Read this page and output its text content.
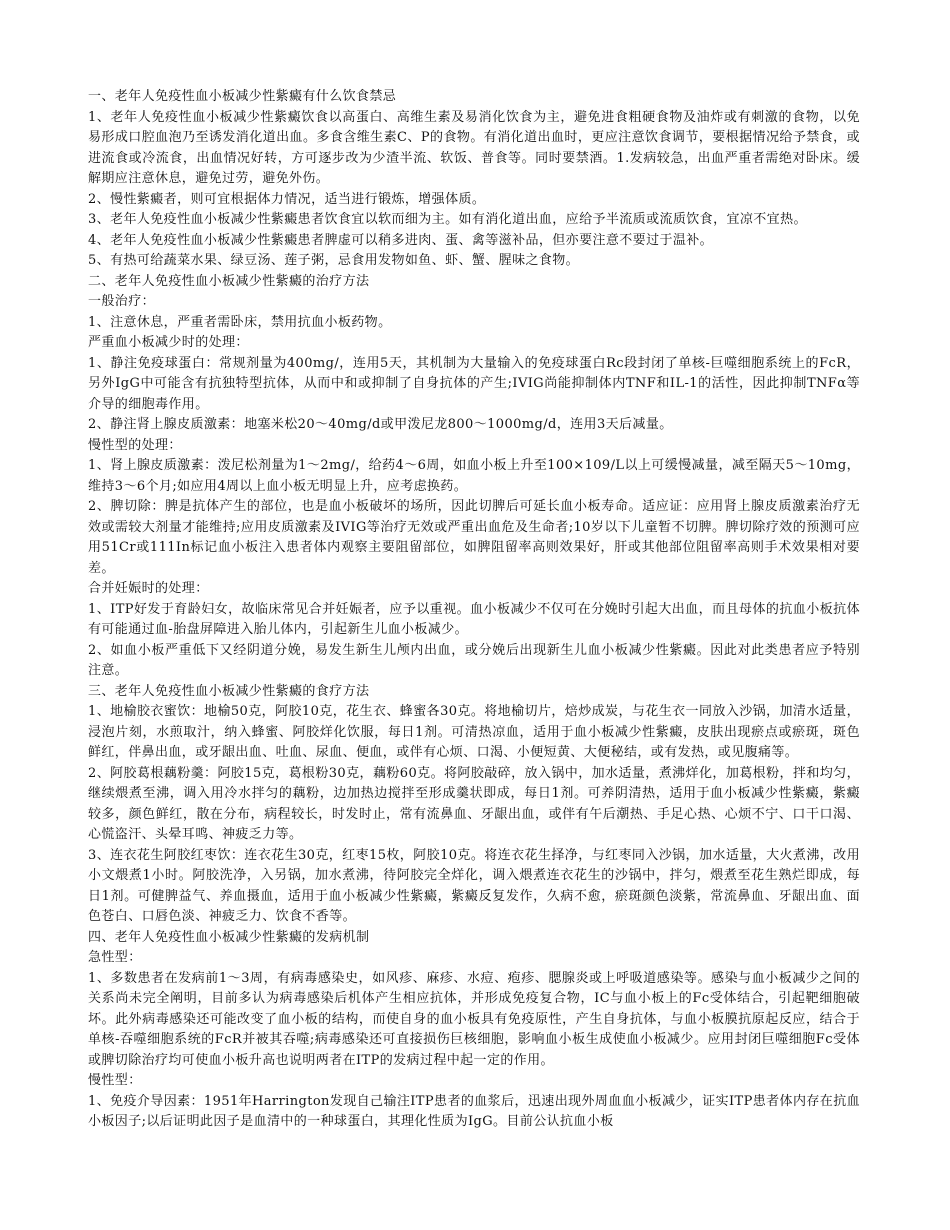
一、老年人免疫性血小板减少性紫癜有什么饮食禁忌

1、老年人免疫性血小板减少性紫癜饮食以高蛋白、高维生素及易消化饮食为主，避免进食粗硬食物及油炸或有刺激的食物，以免易形成口腔血泡乃至诱发消化道出血。多食含维生素C、P的食物。有消化道出血时，更应注意饮食调节，要根据情况给予禁食，或进流食或冷流食，出血情况好转，方可逐步改为少渣半流、软饭、普食等。同时要禁酒。1.发病较急，出血严重者需绝对卧床。缓解期应注意休息，避免过劳，避免外伤。

2、慢性紫癜者，则可宜根据体力情况，适当进行锻炼，增强体质。

3、老年人免疫性血小板减少性紫癜患者饮食宜以软而细为主。如有消化道出血，应给予半流质或流质饮食，宜凉不宜热。

4、老年人免疫性血小板减少性紫癜患者脾虚可以稍多进肉、蛋、禽等滋补品，但亦要注意不要过于温补。

5、有热可给蔬菜水果、绿豆汤、莲子粥，忌食用发物如鱼、虾、蟹、腥味之食物。

二、老年人免疫性血小板减少性紫癜的治疗方法

一般治疗：

1、注意休息，严重者需卧床，禁用抗血小板药物。

严重血小板减少时的处理：

1、静注免疫球蛋白：常规剂量为400mg/，连用5天，其机制为大量输入的免疫球蛋白Rc段封闭了单核-巨噬细胞系统上的FcR，另外IgG中可能含有抗独特型抗体，从而中和或抑制了自身抗体的产生;IVIG尚能抑制体内TNF和IL-1的活性，因此抑制TNFα等介导的细胞毒作用。

2、静注肾上腺皮质激素：地塞米松20～40mg/d或甲泼尼龙800～1000mg/d，连用3天后减量。

慢性型的处理：

1、肾上腺皮质激素：泼尼松剂量为1～2mg/，给药4～6周，如血小板上升至100×109/L以上可缓慢减量，减至隔天5～10mg，维持3～6个月;如应用4周以上血小板无明显上升，应考虑换药。

2、脾切除：脾是抗体产生的部位，也是血小板破坏的场所，因此切脾后可延长血小板寿命。适应证：应用肾上腺皮质激素治疗无效或需较大剂量才能维持;应用皮质激素及IVIG等治疗无效或严重出血危及生命者;10岁以下儿童暂不切脾。脾切除疗效的预测可应用51Cr或111In标记血小板注入患者体内观察主要阻留部位，如脾阻留率高则效果好，肝或其他部位阻留率高则手术效果相对要差。

合并妊娠时的处理：

1、ITP好发于育龄妇女，故临床常见合并妊娠者，应予以重视。血小板减少不仅可在分娩时引起大出血，而且母体的抗血小板抗体有可能通过血-胎盘屏障进入胎儿体内，引起新生儿血小板减少。

2、如血小板严重低下又经阴道分娩，易发生新生儿颅内出血，或分娩后出现新生儿血小板减少性紫癜。因此对此类患者应予特别注意。

三、老年人免疫性血小板减少性紫癜的食疗方法

1、地榆胶衣蜜饮：地榆50克，阿胶10克，花生衣、蜂蜜各30克。将地榆切片，焙炒成炭，与花生衣一同放入沙锅，加清水适量，浸泡片刻，水煎取汁，纳入蜂蜜、阿胶烊化饮服，每日1剂。可清热凉血，适用于血小板减少性紫癜，皮肤出现瘀点或瘀斑，斑色鲜红，伴鼻出血，或牙龈出血、吐血、尿血、便血，或伴有心烦、口渴、小便短黄、大便秘结，或有发热，或见腹痛等。

2、阿胶葛根藕粉羹：阿胶15克，葛根粉30克，藕粉60克。将阿胶敲碎，放入锅中，加水适量，煮沸烊化，加葛根粉，拌和均匀，继续煨煮至沸，调入用冷水拌匀的藕粉，边加热边搅拌至形成羹状即成，每日1剂。可养阴清热，适用于血小板减少性紫癜，紫癜较多，颜色鲜红，散在分布，病程较长，时发时止，常有流鼻血、牙龈出血，或伴有午后潮热、手足心热、心烦不宁、口干口渴、心慌盗汗、头晕耳鸣、神疲乏力等。

3、连衣花生阿胶红枣饮：连衣花生30克，红枣15枚，阿胶10克。将连衣花生择净，与红枣同入沙锅，加水适量，大火煮沸，改用小文煨煮1小时。阿胶洗净，入另锅，加水煮沸，待阿胶完全烊化，调入煨煮连衣花生的沙锅中，拌匀，煨煮至花生熟烂即成，每日1剂。可健脾益气、养血摄血，适用于血小板减少性紫癜，紫癜反复发作，久病不愈，瘀斑颜色淡紫，常流鼻血、牙龈出血、面色苍白、口唇色淡、神疲乏力、饮食不香等。

四、老年人免疫性血小板减少性紫癜的发病机制

急性型：

1、多数患者在发病前1～3周，有病毒感染史，如风疹、麻疹、水痘、疱疹、腮腺炎或上呼吸道感染等。感染与血小板减少之间的关系尚未完全阐明，目前多认为病毒感染后机体产生相应抗体，并形成免疫复合物，IC与血小板上的Fc受体结合，引起靶细胞破坏。此外病毒感染还可能改变了血小板的结构，而使自身的血小板具有免疫原性，产生自身抗体，与血小板膜抗原起反应，结合于单核-吞噬细胞系统的FcR并被其吞噬;病毒感染还可直接损伤巨核细胞，影响血小板生成使血小板减少。应用封闭巨噬细胞Fc受体或脾切除治疗均可使血小板升高也说明两者在ITP的发病过程中起一定的作用。

慢性型：

1、免疫介导因素：1951年Harrington发现自己输注ITP患者的血浆后，迅速出现外周血血小板减少，证实ITP患者体内存在抗血小板因子;以后证明此因子是血清中的一种球蛋白，其理化性质为IgG。目前公认抗血小板
